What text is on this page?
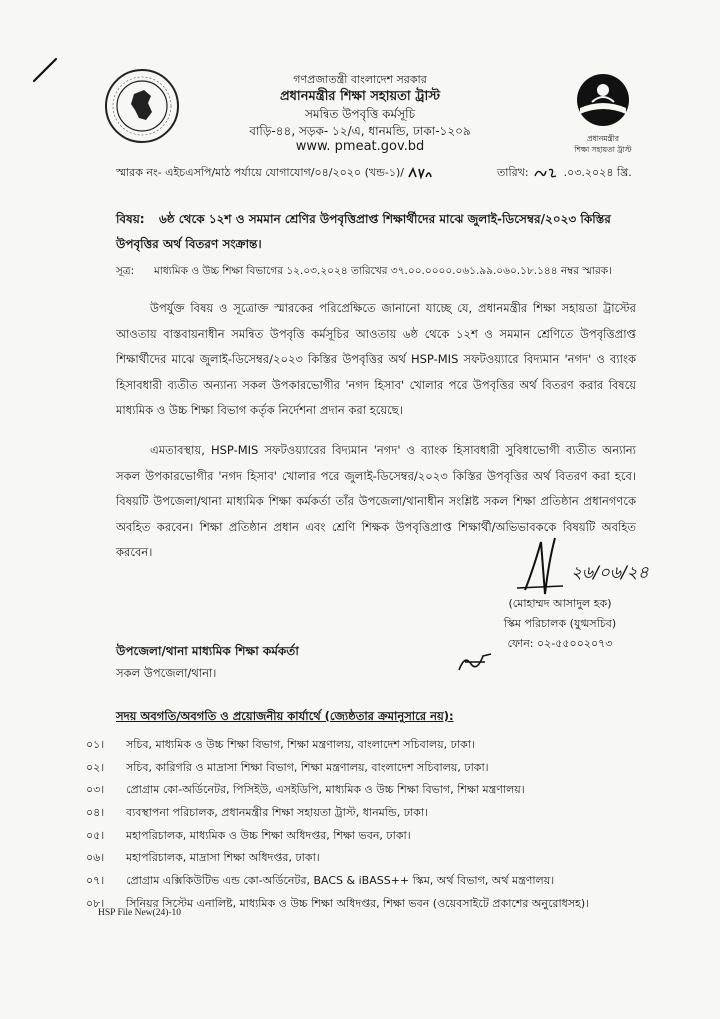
প্রধানমন্ত্রীর
শিক্ষা সহায়তা ট্রাস্ট
গণপ্রজাতন্ত্রী বাংলাদেশ সরকার
প্রধানমন্ত্রীর শিক্ষা সহায়তা ট্রাস্ট
সমন্বিত উপবৃত্তি কর্মসূচি
বাড়ি-৪৪, সড়ক- ১২/এ, ধানমন্ডি, ঢাকা-১২০৯
www. pmeat.gov.bd
স্মারক নং- এইচএসপি/মাঠ পর্যায়ে যোগাযোগ/০৪/২০২০ (খন্ড-১)/	তারিখ:	.০৩.২০২৪ খ্রি.
বিষয়: ৬ষ্ঠ থেকে ১২শ ও সমমান শ্রেণির উপবৃত্তিপ্রাপ্ত শিক্ষার্থীদের মাঝে জুলাই-ডিসেম্বর/২০২৩ কিস্তির উপবৃত্তির অর্থ বিতরণ সংক্রান্ত।
সূত্র: মাধ্যমিক ও উচ্চ শিক্ষা বিভাগের ১২.০৩.২০২৪ তারিখের ৩৭.০০.০০০০.০৬১.৯৯.০৬০.১৮.১৪৪ নম্বর স্মারক।

উপর্যুক্ত বিষয় ও সূত্রোক্ত স্মারকের পরিপ্রেক্ষিতে জানানো যাচ্ছে যে, প্রধানমন্ত্রীর শিক্ষা সহায়তা ট্রাস্টের আওতায় বাস্তবায়নাধীন সমন্বিত উপবৃত্তি কর্মসূচির আওতায় ৬ষ্ঠ থেকে ১২শ ও সমমান শ্রেণিতে উপবৃত্তিপ্রাপ্ত শিক্ষার্থীদের মাঝে জুলাই-ডিসেম্বর/২০২৩ কিস্তির উপবৃত্তির অর্থ HSP-MIS সফটওয়্যারে বিদ্যমান 'নগদ' ও ব্যাংক হিসাবধারী ব্যতীত অন্যান্য সকল উপকারভোগীর 'নগদ হিসাব' খোলার পরে উপবৃত্তির অর্থ বিতরণ করার বিষয়ে মাধ্যমিক ও উচ্চ শিক্ষা বিভাগ কর্তৃক নির্দেশনা প্রদান করা হয়েছে।

এমতাবস্থায়, HSP-MIS সফটওয়্যারের বিদ্যমান 'নগদ' ও ব্যাংক হিসাবধারী সুবিধাভোগী ব্যতীত অন্যান্য সকল উপকারভোগীর 'নগদ হিসাব' খোলার পরে জুলাই-ডিসেম্বর/২০২৩ কিস্তির উপবৃত্তির অর্থ বিতরণ করা হবে। বিষয়টি উপজেলা/থানা মাধ্যমিক শিক্ষা কর্মকর্তা তাঁর উপজেলা/থানাধীন সংশ্লিষ্ট সকল শিক্ষা প্রতিষ্ঠান প্রধানগণকে অবহিত করবেন। শিক্ষা প্রতিষ্ঠান প্রধান এবং শ্রেণি শিক্ষক উপবৃত্তিপ্রাপ্ত শিক্ষার্থী/অভিভাবককে বিষয়টি অবহিত করবেন।

২৬/০৬/২৪
(মোহাম্মদ আসাদুল হক)
স্কিম পরিচালক (যুগ্মসচিব)
ফোন: ০২-৫৫০০২০৭৩
উপজেলা/থানা মাধ্যমিক শিক্ষা কর্মকর্তা
সকল উপজেলা/থানা।
সদয় অবগতি/অবগতি ও প্রয়োজনীয় কার্যার্থে (জ্যেষ্ঠতার ক্রমানুসারে নয়):
০১।	সচিব, মাধ্যমিক ও উচ্চ শিক্ষা বিভাগ, শিক্ষা মন্ত্রণালয়, বাংলাদেশ সচিবালয়, ঢাকা।
০২।	সচিব, কারিগরি ও মাদ্রাসা শিক্ষা বিভাগ, শিক্ষা মন্ত্রণালয়, বাংলাদেশ সচিবালয়, ঢাকা।
০৩।	প্রোগ্রাম কো-অর্ডিনেটর, পিসিইউ, এসইডিপি, মাধ্যমিক ও উচ্চ শিক্ষা বিভাগ, শিক্ষা মন্ত্রণালয়।
০৪।	ব্যবস্থাপনা পরিচালক, প্রধানমন্ত্রীর শিক্ষা সহায়তা ট্রাস্ট, ধানমন্ডি, ঢাকা।
০৫।	মহাপরিচালক, মাধ্যমিক ও উচ্চ শিক্ষা অধিদপ্তর, শিক্ষা ভবন, ঢাকা।
০৬।	মহাপরিচালক, মাদ্রাসা শিক্ষা অধিদপ্তর, ঢাকা।
০৭।	প্রোগ্রাম এক্সিকিউটিভ এন্ড কো-অর্ডিনেটর, BACS & iBASS++ স্কিম, অর্থ বিভাগ, অর্থ মন্ত্রণালয়।
০৮।	সিনিয়র সিস্টেম এনালিষ্ট, মাধ্যমিক ও উচ্চ শিক্ষা অধিদপ্তর, শিক্ষা ভবন (ওয়েবসাইটে প্রকাশের অনুরোধসহ)।
HSP File New(24)-10
